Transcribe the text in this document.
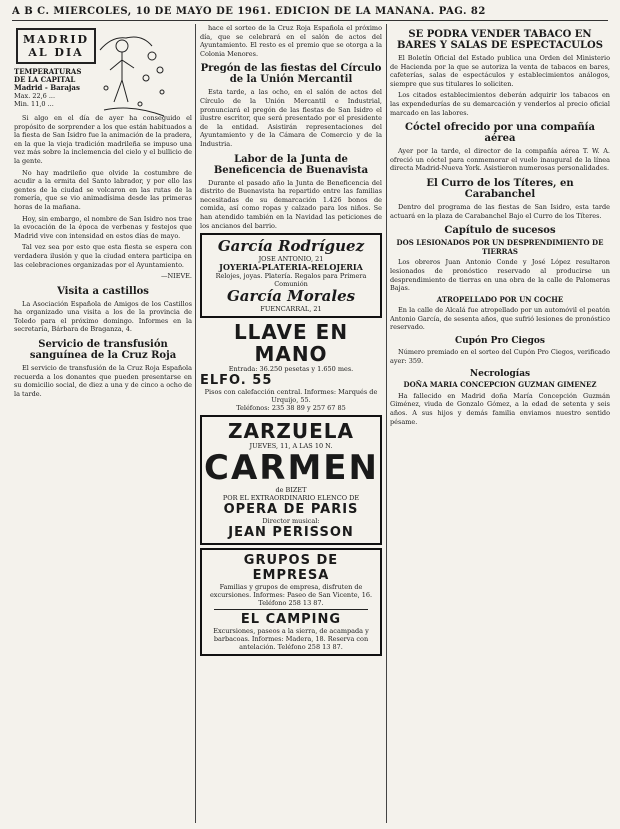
A B C. MIERCOLES, 10 DE MAYO DE 1961. EDICION DE LA MAÑANA. PAG. 82
MADRID
AL DIA
TEMPERATURAS DE LA CAPITAL
Madrid - Barajas
Max. 22,6 ...
Min. 11,0 ...

Si algo en el día de ayer ha conseguido el propósito de sorprender a los que están habituados a la fiesta de San Isidro fue la animación de la pradera, en la que la vieja tradición madrileña se impuso una vez más sobre la inclemencia del cielo y el bullicio de la gente.

No hay madrileño que olvide la costumbre de acudir a la ermita del Santo labrador, y por ello las gentes de la ciudad se volcaron en las rutas de la romería, que se vio animadísima desde las primeras horas de la mañana.

Hoy, sin embargo, el nombre de San Isidro nos trae la evocación de la época de verbenas y festejos que Madrid vive con intensidad en estos días de mayo.

Tal vez sea por esto que esta fiesta se espera con verdadera ilusión y que la ciudad entera participa en las celebraciones organizadas por el Ayuntamiento.

—NIEVE.
Visita a castillos

La Asociación Española de Amigos de los Castillos ha organizado una visita a los de la provincia de Toledo para el próximo domingo. Informes en la secretaría, Bárbara de Braganza, 4.

Servicio de transfusión sanguínea de la Cruz Roja

El servicio de transfusión de la Cruz Roja Española recuerda a los donantes que pueden presentarse en su domicilio social, de diez a una y de cinco a ocho de la tarde.

hace el sorteo de la Cruz Roja Española el próximo día, que se celebrará en el salón de actos del Ayuntamiento. El resto es el premio que se otorga a la Colonia Menores.

Pregón de las fiestas del Círculo de la Unión Mercantil

Esta tarde, a las ocho, en el salón de actos del Círculo de la Unión Mercantil e Industrial, pronunciará el pregón de las fiestas de San Isidro el ilustre escritor, que será presentado por el presidente de la entidad. Asistirán representaciones del Ayuntamiento y de la Cámara de Comercio y de la Industria.

Labor de la Junta de Beneficencia de Buenavista

Durante el pasado año la Junta de Beneficencia del distrito de Buenavista ha repartido entre las familias necesitadas de su demarcación 1.426 bonos de comida, así como ropas y calzado para los niños. Se han atendido también en la Navidad las peticiones de los ancianos del barrio.

García Rodríguez
JOSE ANTONIO, 21
JOYERIA-PLATERIA-RELOJERIA
Relojes, joyas. Platería. Regalos para Primera Comunión
García Morales
FUENCARRAL, 21
LLAVE EN MANO
Entrada: 36.250 pesetas y 1.650 mes.
ELFO. 55
Pisos con calefacción central. Informes: Marqués de Urquijo, 55.
Teléfonos: 235 38 89 y 257 67 85
ZARZUELA
JUEVES, 11, A LAS 10 N.
CARMEN
de BIZET
POR EL EXTRAORDINARIO ELENCO DE
OPERA DE PARIS
Director musical:
JEAN PERISSON
GRUPOS DE EMPRESA
Familias y grupos de empresa, disfruten de excursiones. Informes: Paseo de San Vicente, 16. Teléfono 258 13 87.
EL CAMPING
Excursiones, paseos a la sierra, de acampada y barbacoas. Informes: Madera, 18. Reserva con antelación. Teléfono 258 13 87.
SE PODRA VENDER TABACO EN BARES Y SALAS DE ESPECTACULOS

El Boletín Oficial del Estado publica una Orden del Ministerio de Hacienda por la que se autoriza la venta de tabacos en bares, cafeterías, salas de espectáculos y establecimientos análogos, siempre que sus titulares lo soliciten.

Los citados establecimientos deberán adquirir los tabacos en las expendedurías de su demarcación y venderlos al precio oficial marcado en las labores.

Cóctel ofrecido por una compañía aérea

Ayer por la tarde, el director de la compañía aérea T. W. A. ofreció un cóctel para conmemorar el vuelo inaugural de la línea directa Madrid-Nueva York. Asistieron numerosas personalidades.

El Curro de los Títeres, en Carabanchel

Dentro del programa de las fiestas de San Isidro, esta tarde actuará en la plaza de Carabanchel Bajo el Curro de los Títeres.

Capítulo de sucesos
DOS LESIONADOS POR UN DESPRENDIMIENTO DE TIERRAS

Los obreros Juan Antonio Conde y José López resultaron lesionados de pronóstico reservado al producirse un desprendimiento de tierras en una obra de la calle de Palomeras Bajas.

ATROPELLADO POR UN COCHE

En la calle de Alcalá fue atropellado por un automóvil el peatón Antonio García, de sesenta años, que sufrió lesiones de pronóstico reservado.

Cupón Pro Ciegos

Número premiado en el sorteo del Cupón Pro Ciegos, verificado ayer: 359.

Necrologías
DOÑA MARIA CONCEPCION GUZMAN GIMENEZ

Ha fallecido en Madrid doña María Concepción Guzmán Giménez, viuda de Gonzalo Gómez, a la edad de setenta y seis años. A sus hijos y demás familia enviamos nuestro sentido pésame.
